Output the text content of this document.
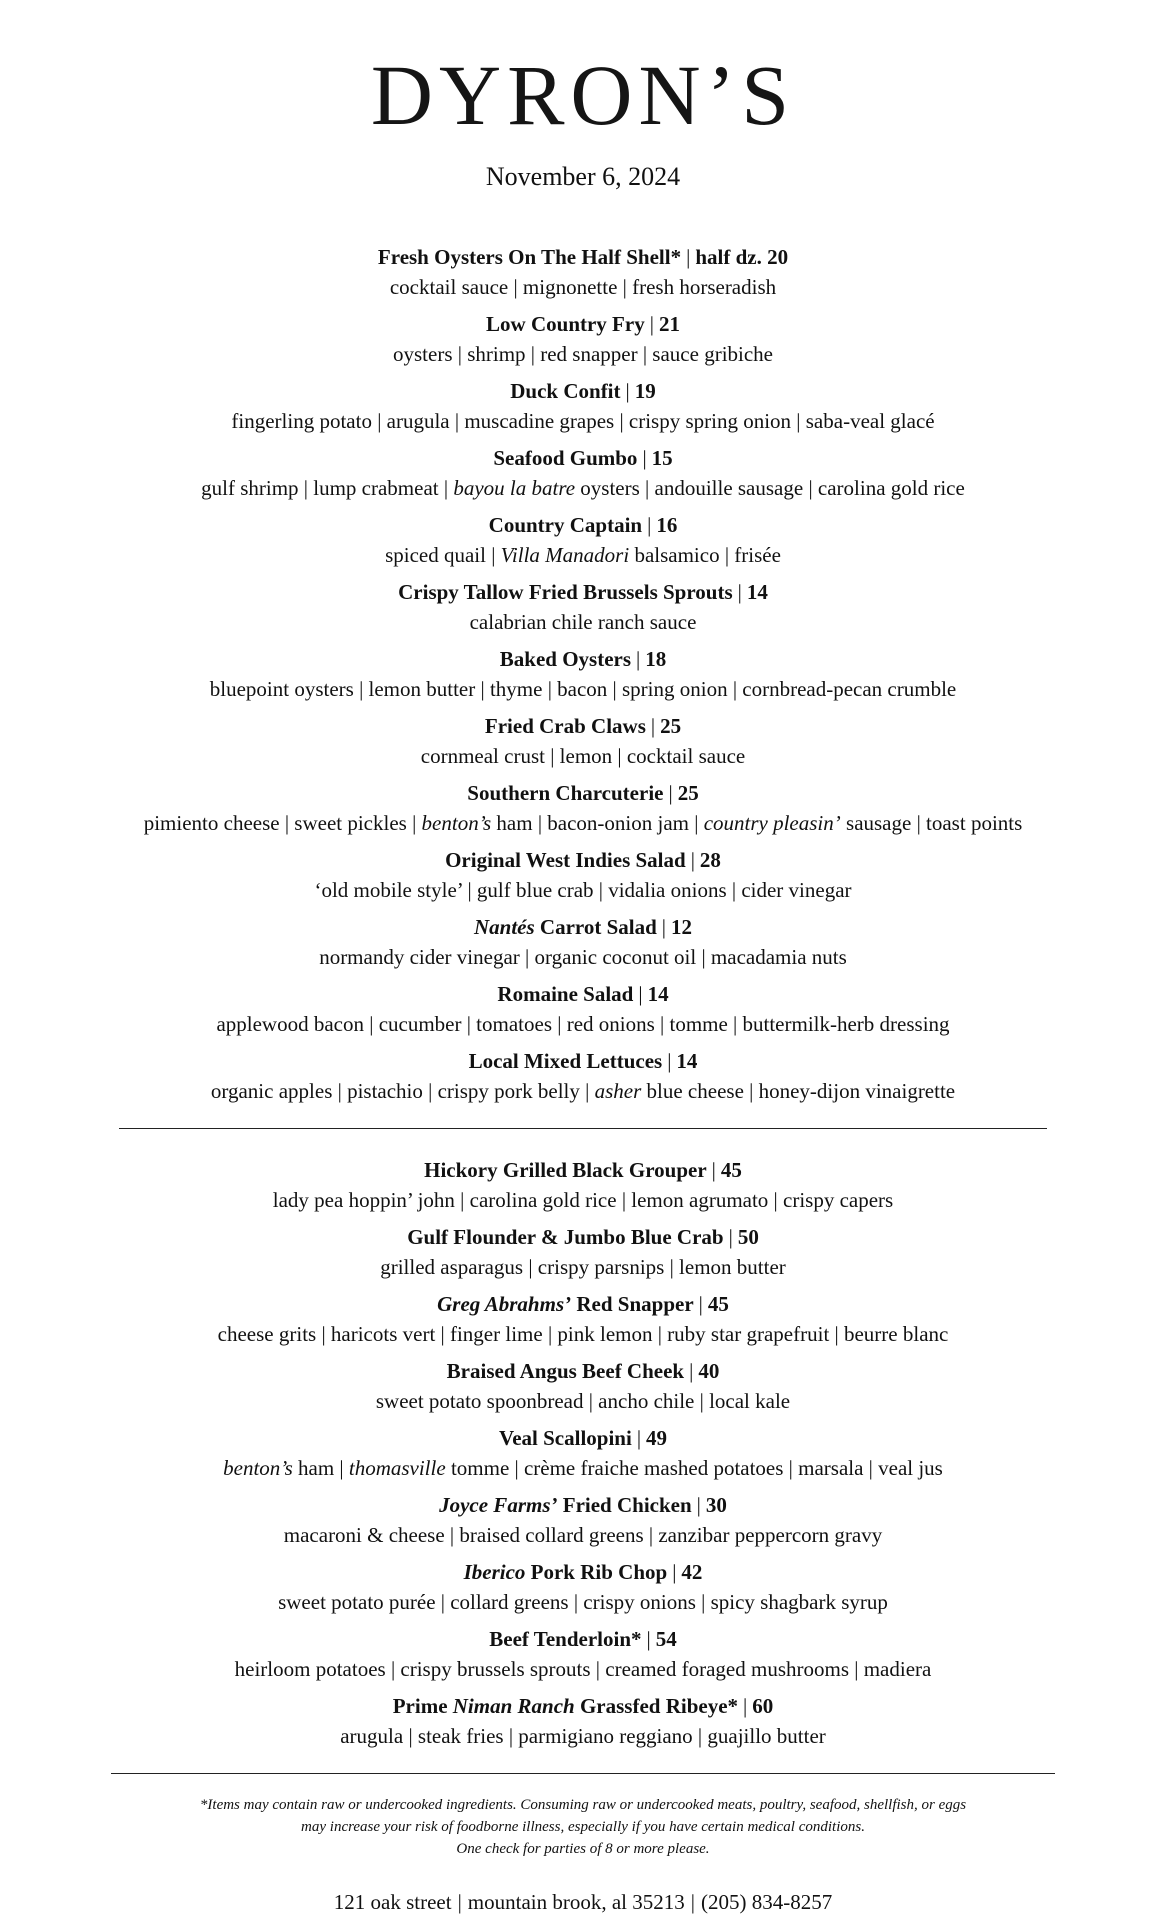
DYRON’S
November 6, 2024
Fresh Oysters On The Half Shell* | half dz. 20
cocktail sauce | mignonette | fresh horseradish
Low Country Fry | 21
oysters | shrimp | red snapper | sauce gribiche
Duck Confit | 19
fingerling potato | arugula | muscadine grapes | crispy spring onion | saba-veal glacé
Seafood Gumbo | 15
gulf shrimp | lump crabmeat | bayou la batre oysters | andouille sausage | carolina gold rice
Country Captain | 16
spiced quail | Villa Manadori balsamico | frisée
Crispy Tallow Fried Brussels Sprouts | 14
calabrian chile ranch sauce
Baked Oysters | 18
bluepoint oysters | lemon butter | thyme | bacon | spring onion | cornbread-pecan crumble
Fried Crab Claws | 25
cornmeal crust | lemon | cocktail sauce
Southern Charcuterie | 25
pimiento cheese | sweet pickles | benton’s ham | bacon-onion jam | country pleasin’ sausage | toast points
Original West Indies Salad | 28
‘old mobile style’ | gulf blue crab | vidalia onions | cider vinegar
Nantés Carrot Salad | 12
normandy cider vinegar | organic coconut oil | macadamia nuts
Romaine Salad | 14
applewood bacon | cucumber | tomatoes | red onions | tomme | buttermilk-herb dressing
Local Mixed Lettuces | 14
organic apples | pistachio | crispy pork belly | asher blue cheese | honey-dijon vinaigrette
Hickory Grilled Black Grouper | 45
lady pea hoppin’ john | carolina gold rice | lemon agrumato | crispy capers
Gulf Flounder & Jumbo Blue Crab | 50
grilled asparagus | crispy parsnips | lemon butter
Greg Abrahms’ Red Snapper | 45
cheese grits | haricots vert | finger lime | pink lemon | ruby star grapefruit | beurre blanc
Braised Angus Beef Cheek | 40
sweet potato spoonbread | ancho chile | local kale
Veal Scallopini | 49
benton’s ham | thomasville tomme | crème fraiche mashed potatoes | marsala | veal jus
Joyce Farms’ Fried Chicken | 30
macaroni & cheese | braised collard greens | zanzibar peppercorn gravy
Iberico Pork Rib Chop | 42
sweet potato purée | collard greens | crispy onions | spicy shagbark syrup
Beef Tenderloin* | 54
heirloom potatoes | crispy brussels sprouts | creamed foraged mushrooms | madiera
Prime Niman Ranch Grassfed Ribeye* | 60
arugula | steak fries | parmigiano reggiano | guajillo butter
*Items may contain raw or undercooked ingredients. Consuming raw or undercooked meats, poultry, seafood, shellfish, or eggs
may increase your risk of foodborne illness, especially if you have certain medical conditions.
One check for parties of 8 or more please.
121 oak street | mountain brook, al 35213 | (205) 834-8257
